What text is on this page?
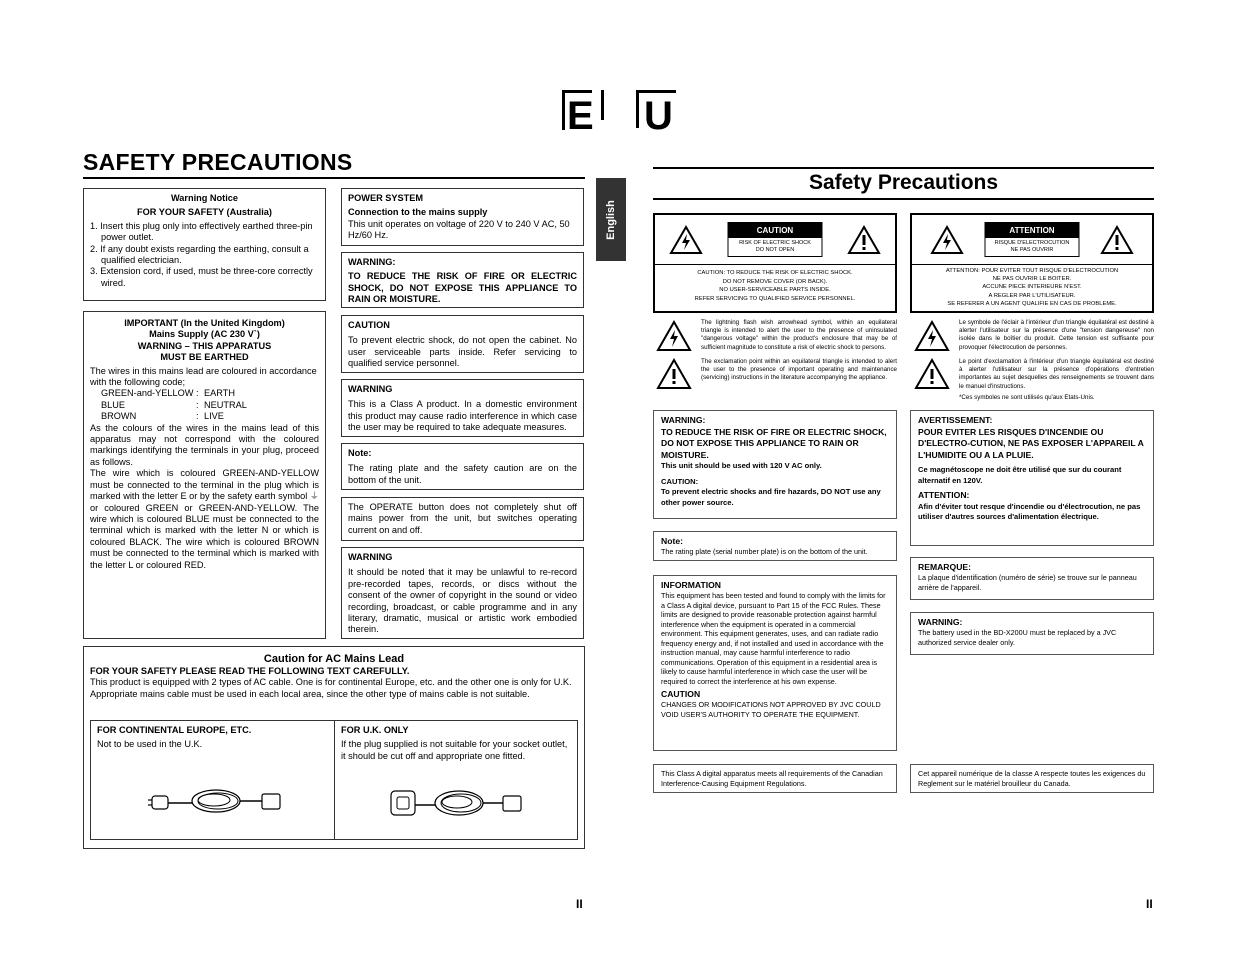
E U
SAFETY PRECAUTIONS
Warning Notice
FOR YOUR SAFETY (Australia)
1. Insert this plug only into effectively earthed three-pin power outlet.
2. If any doubt exists regarding the earthing, consult a qualified electrician.
3. Extension cord, if used, must be three-core correctly wired.
IMPORTANT (In the United Kingdom)
Mains Supply (AC 230 V`)
WARNING – THIS APPARATUS
MUST BE EARTHED
The wires in this mains lead are coloured in accordance with the following code;
GREEN-and-YELLOW : EARTH
BLUE	: NEUTRAL
BROWN	: LIVE
As the colours of the wires in the mains lead of this apparatus may not correspond with the coloured markings identifying the terminals in your plug, proceed as follows.
The wire which is coloured GREEN-AND-YELLOW must be connected to the terminal in the plug which is marked with the letter E or by the safety earth symbol ⏚ or coloured GREEN or GREEN-AND-YELLOW. The wire which is coloured BLUE must be connected to the terminal which is marked with the letter N or which is coloured BLACK. The wire which is coloured BROWN must be connected to the terminal which is marked with the letter L or coloured RED.
POWER SYSTEM
Connection to the mains supply
This unit operates on voltage of 220 V to 240 V AC, 50 Hz/60 Hz.
WARNING:
TO REDUCE THE RISK OF FIRE OR ELECTRIC SHOCK, DO NOT EXPOSE THIS APPLIANCE TO RAIN OR MOISTURE.
CAUTION
To prevent electric shock, do not open the cabinet. No user serviceable parts inside. Refer servicing to qualified service personnel.
WARNING
This is a Class A product. In a domestic environment this product may cause radio interference in which case the user may be required to take adequate measures.
Note:
The rating plate and the safety caution are on the bottom of the unit.
The OPERATE button does not completely shut off mains power from the unit, but switches operating current on and off.
WARNING
It should be noted that it may be unlawful to re-record pre-recorded tapes, records, or discs without the consent of the owner of copyright in the sound or video recording, broadcast, or cable programme and in any literary, dramatic, musical or artistic work embodied therein.
Caution for AC Mains Lead
FOR YOUR SAFETY PLEASE READ THE FOLLOWING TEXT CAREFULLY.
This product is equipped with 2 types of AC cable. One is for continental Europe, etc. and the other one is only for U.K.
Appropriate mains cable must be used in each local area, since the other type of mains cable is not suitable.
FOR CONTINENTAL EUROPE, ETC.
Not to be used in the U.K.
FOR U.K. ONLY
If the plug supplied is not suitable for your socket outlet, it should be cut off and appropriate one fitted.
English
II
Safety Precautions
CAUTION
RISK OF ELECTRIC SHOCK
DO NOT OPEN
CAUTION: TO REDUCE THE RISK OF ELECTRIC SHOCK.
DO NOT REMOVE COVER (OR BACK).
NO USER-SERVICEABLE PARTS INSIDE.
REFER SERVICING TO QUALIFIED SERVICE PERSONNEL.
ATTENTION
RISQUE D'ELECTROCUTION
NE PAS OUVRIR
ATTENTION: POUR EVITER TOUT RISQUE D'ELECTROCUTION
NE PAS OUVRIR LE BOITER.
ACCUNE PIECE INTERIEURE N'EST.
A REGLER PAR L'UTILISATEUR.
SE REFERER A UN AGENT QUALIFIE EN CAS DE PROBLEME.
The lightning flash wish arrowhead symbol, within an equilateral triangle is intended to alert the user to the presence of uninsulated "dangerous voltage" within the product's enclosure that may be of sufficient magnitude to constitute a risk of electric shock to persons.
The exclamation point within an equilateral triangle is intended to alert the user to the presence of important operating and maintenance (servicing) instructions in the literature accompanying the appliance.
Le symbole de l'éclair à l'intérieur d'un triangle équilatéral est destiné à alerter l'utilisateur sur la présence d'une "tension dangereuse" non isolée dans le boîtier du produit. Cette tension est suffisante pour provoquer l'électrocution de personnes.
Le point d'exclamation à l'intérieur d'un triangle équilatéral est destiné à alerter l'utilisateur sur la présence d'opérations d'entretien importantes au sujet desquelles des renseignements se trouvent dans le manuel d'instructions.
*Ces symboles ne sont utilisés qu'aux Etats-Unis.
WARNING:
TO REDUCE THE RISK OF FIRE OR ELECTRIC SHOCK, DO NOT EXPOSE THIS APPLIANCE TO RAIN OR MOISTURE.
This unit should be used with 120 V AC only.
CAUTION:
To prevent electric shocks and fire hazards, DO NOT use any other power source.
AVERTISSEMENT:
POUR EVITER LES RISQUES D'INCENDIE OU D'ELECTRO-CUTION, NE PAS EXPOSER L'APPAREIL A L'HUMIDITE OU A LA PLUIE.
Ce magnétoscope ne doit être utilisé que sur du courant alternatif en 120V.
ATTENTION:
Afin d'éviter tout resque d'incendie ou d'électrocution, ne pas utiliser d'autres sources d'alimentation électrique.
Note:
The rating plate (serial number plate) is on the bottom of the unit.
REMARQUE:
La plaque d'identification (numéro de série) se trouve sur le panneau arrière de l'appareil.
INFORMATION
This equipment has been tested and found to comply with the limits for a Class A digital device, pursuant to Part 15 of the FCC Rules. These limits are designed to provide reasonable protection against harmful interference when the equipment is operated in a commercial environment. This equipment generates, uses, and can radiate radio frequency energy and, if not installed and used in accordance with the instruction manual, may cause harmful interference to radio communications. Operation of this equipment in a residential area is likely to cause harmful interference in which case the user will be required to correct the interference at his own expense.
CAUTION
CHANGES OR MODIFICATIONS NOT APPROVED BY JVC COULD VOID USER'S AUTHORITY TO OPERATE THE EQUIPMENT.
WARNING:
The battery used in the BD-X200U must be replaced by a JVC authorized service dealer only.
This Class A digital apparatus meets all requirements of the Canadian Interference-Causing Equipment Regulations.
Cet appareil numérique de la classe A respecte toutes les exigences du Reglement sur le matériel brouilleur du Canada.
II
